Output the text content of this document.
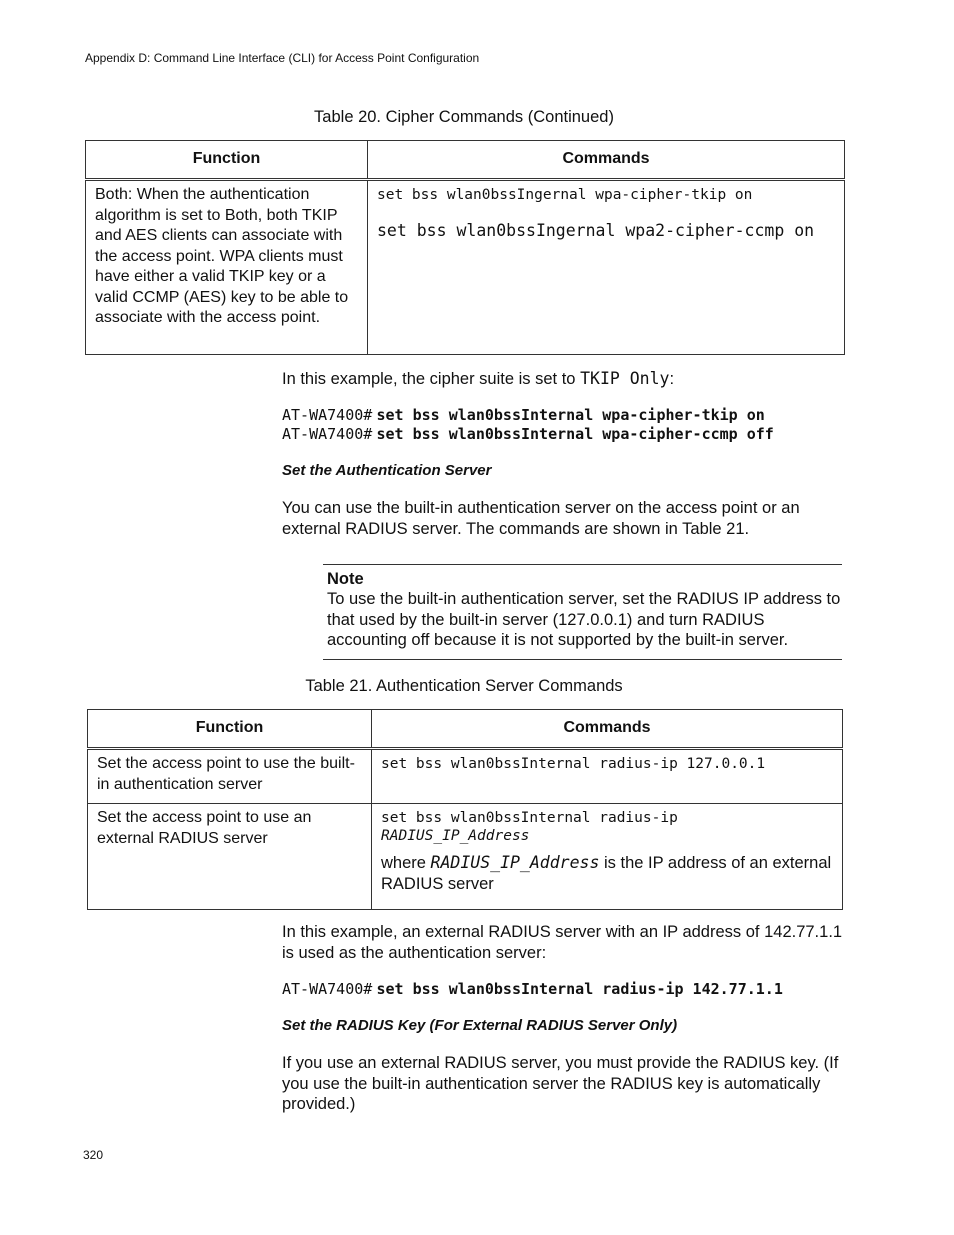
Appendix D: Command Line Interface (CLI) for Access Point Configuration
Table 20. Cipher Commands (Continued)
Function	Commands
Both: When the authentication algorithm is set to Both, both TKIP and AES clients can associate with the access point. WPA clients must have either a valid TKIP key or a valid CCMP (AES) key to be able to associate with the access point.	set bss wlan0bssIngernal wpa-cipher-tkip on
set bss wlan0bssIngernal wpa2-cipher-ccmp on
In this example, the cipher suite is set to TKIP Only:
AT-WA7400# set bss wlan0bssInternal wpa-cipher-tkip on
AT-WA7400# set bss wlan0bssInternal wpa-cipher-ccmp off
Set the Authentication Server
You can use the built-in authentication server on the access point or an external RADIUS server. The commands are shown in Table 21.
Note
To use the built-in authentication server, set the RADIUS IP address to that used by the built-in server (127.0.0.1) and turn RADIUS accounting off because it is not supported by the built-in server.
Table 21. Authentication Server Commands
Function	Commands
Set the access point to use the built-in authentication server	set bss wlan0bssInternal radius-ip 127.0.0.1

Set the access point to use an external RADIUS server	set bss wlan0bssInternal radius-ip
RADIUS_IP_Address
where RADIUS_IP_Address is the IP address of an external RADIUS server
In this example, an external RADIUS server with an IP address of 142.77.1.1 is used as the authentication server:
AT-WA7400# set bss wlan0bssInternal radius-ip 142.77.1.1
Set the RADIUS Key (For External RADIUS Server Only)
If you use an external RADIUS server, you must provide the RADIUS key. (If you use the built-in authentication server the RADIUS key is automatically provided.)
320
